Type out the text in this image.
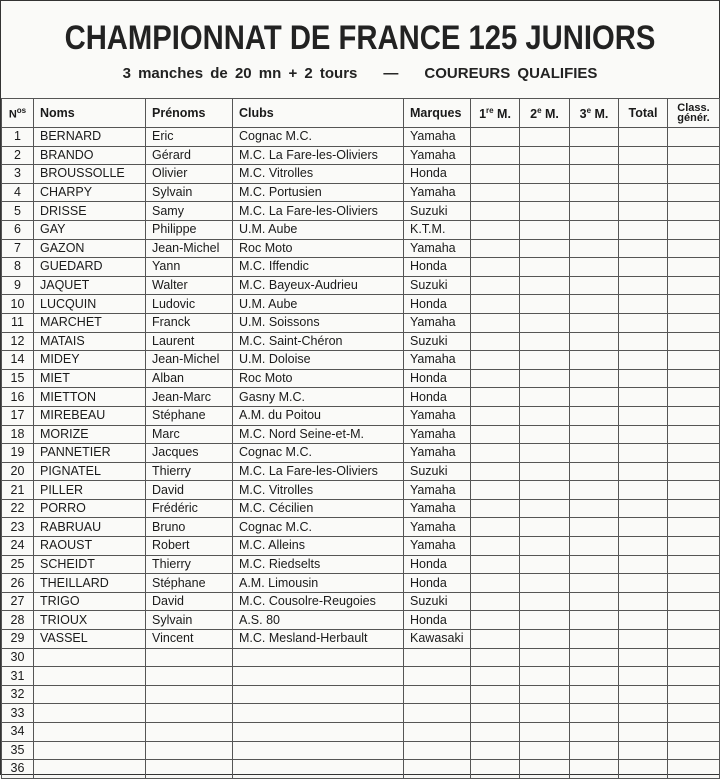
CHAMPIONNAT DE FRANCE 125 JUNIORS
3 manches de 20 mn + 2 tours — COUREURS QUALIFIES
$N^{os}$	Noms	Prénoms	Clubs	Marques	1re M.	2e M.	3e M.	Total	Class.
génér.
1	BERNARD	Eric	Cognac M.C.	Yamaha					
2	BRANDO	Gérard	M.C. La Fare-les-Oliviers	Yamaha					
3	BROUSSOLLE	Olivier	M.C. Vitrolles	Honda					
4	CHARPY	Sylvain	M.C. Portusien	Yamaha					
5	DRISSE	Samy	M.C. La Fare-les-Oliviers	Suzuki					
6	GAY	Philippe	U.M. Aube	K.T.M.					
7	GAZON	Jean-Michel	Roc Moto	Yamaha					
8	GUEDARD	Yann	M.C. Iffendic	Honda					
9	JAQUET	Walter	M.C. Bayeux-Audrieu	Suzuki					
10	LUCQUIN	Ludovic	U.M. Aube	Honda					
11	MARCHET	Franck	U.M. Soissons	Yamaha					
12	MATAIS	Laurent	M.C. Saint-Chéron	Suzuki					
14	MIDEY	Jean-Michel	U.M. Doloise	Yamaha					
15	MIET	Alban	Roc Moto	Honda					
16	MIETTON	Jean-Marc	Gasny M.C.	Honda					
17	MIREBEAU	Stéphane	A.M. du Poitou	Yamaha					
18	MORIZE	Marc	M.C. Nord Seine-et-M.	Yamaha					
19	PANNETIER	Jacques	Cognac M.C.	Yamaha					
20	PIGNATEL	Thierry	M.C. La Fare-les-Oliviers	Suzuki					
21	PILLER	David	M.C. Vitrolles	Yamaha					
22	PORRO	Frédéric	M.C. Cécilien	Yamaha					
23	RABRUAU	Bruno	Cognac M.C.	Yamaha					
24	RAOUST	Robert	M.C. Alleins	Yamaha					
25	SCHEIDT	Thierry	M.C. Riedselts	Honda					
26	THEILLARD	Stéphane	A.M. Limousin	Honda					
27	TRIGO	David	M.C. Cousolre-Reugoies	Suzuki					
28	TRIOUX	Sylvain	A.S. 80	Honda					
29	VASSEL	Vincent	M.C. Mesland-Herbault	Kawasaki					
30									
31									
32									
33									
34									
35									
36									
